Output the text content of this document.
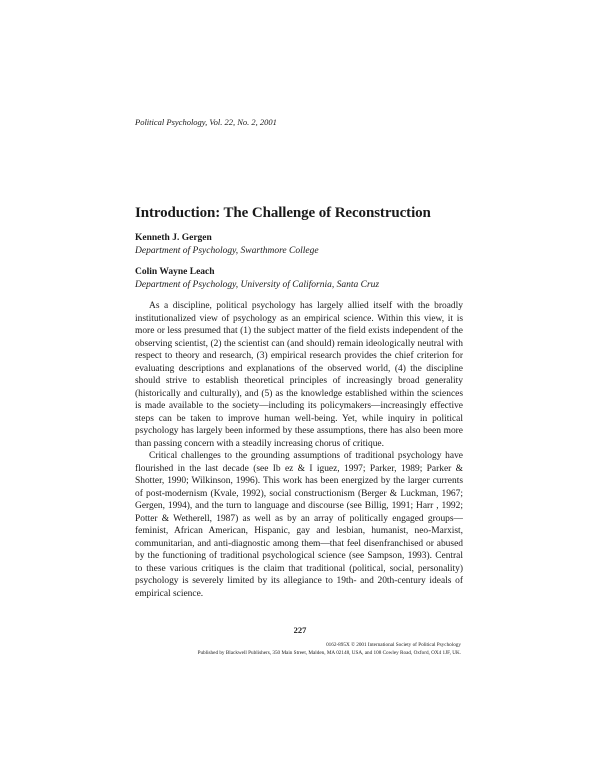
Political Psychology, Vol. 22, No. 2, 2001
Introduction: The Challenge of Reconstruction
Kenneth J. Gergen
Department of Psychology, Swarthmore College
Colin Wayne Leach
Department of Psychology, University of California, Santa Cruz

As a discipline, political psychology has largely allied itself with the broadly institutionalized view of psychology as an empirical science. Within this view, it is more or less presumed that (1) the subject matter of the field exists independent of the observing scientist, (2) the scientist can (and should) remain ideologically neutral with respect to theory and research, (3) empirical research provides the chief criterion for evaluating descriptions and explanations of the observed world, (4) the discipline should strive to establish theoretical principles of increasingly broad generality (historically and culturally), and (5) as the knowledge established within the sciences is made available to the society—including its policymakers—increasingly effective steps can be taken to improve human well-being. Yet, while inquiry in political psychology has largely been informed by these assumptions, there has also been more than passing concern with a steadily increasing chorus of critique.

Critical challenges to the grounding assumptions of traditional psychology have flourished in the last decade (see Ib ez & I iguez, 1997; Parker, 1989; Parker & Shotter, 1990; Wilkinson, 1996). This work has been energized by the larger currents of post-modernism (Kvale, 1992), social constructionism (Berger & Luckman, 1967; Gergen, 1994), and the turn to language and discourse (see Billig, 1991; Harr , 1992; Potter & Wetherell, 1987) as well as by an array of politically engaged groups—feminist, African American, Hispanic, gay and lesbian, humanist, neo-Marxist, communitarian, and anti-diagnostic among them—that feel disenfranchised or abused by the functioning of traditional psychological science (see Sampson, 1993). Central to these various critiques is the claim that traditional (political, social, personality) psychology is severely limited by its allegiance to 19th- and 20th-century ideals of empirical science.

227
0162-895X © 2001 International Society of Political Psychology
Published by Blackwell Publishers, 350 Main Street, Malden, MA 02148, USA, and 108 Cowley Road, Oxford, OX4 1JF, UK.
